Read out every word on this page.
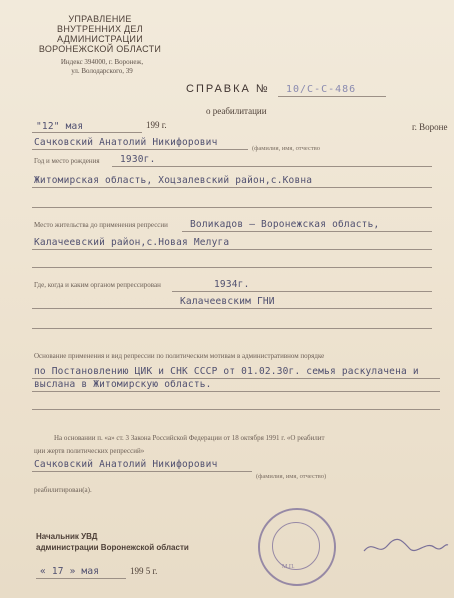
УПРАВЛЕНИЕ
ВНУТРЕННИХ ДЕЛ
АДМИНИСТРАЦИИ
ВОРОНЕЖСКОЙ ОБЛАСТИ
Индекс 394000, г. Воронеж,
ул. Володарского, 39
СПРАВКА № 10/С-С-486
о реабилитации
"12" мая	199 г.	г. Вороне
Сачковский Анатолий Никифорович
(фамилия, имя, отчество
Год и место рождения 1930г.
Житомирская область, Хоцзалевский район,с.Ковна
Место жительства до применения репрессии Воликадов — Воронежская область,
Калачеевский район,с.Новая Мелуга
Где, когда и каким органом репрессирован	1934г.
Калачеевским ГНИ
Основание применения и вид репрессии по политическим мотивам в административном порядке
по Постановлению ЦИК и СНК СССР от 01.02.30г. семья раскулачена и
выслана в Житомирскую область.
На основании п. «а» ст. 3 Закона Российской Федерации от 18 октября 1991 г. «О реабилит
ции жертв политических репрессий»
Сачковский Анатолий Никифорович
(фамилия, имя, отчество)
реабилитирован(а).
Начальник УВД
администрации Воронежской области
« 17 » мая	199 5 г.	М.П.
